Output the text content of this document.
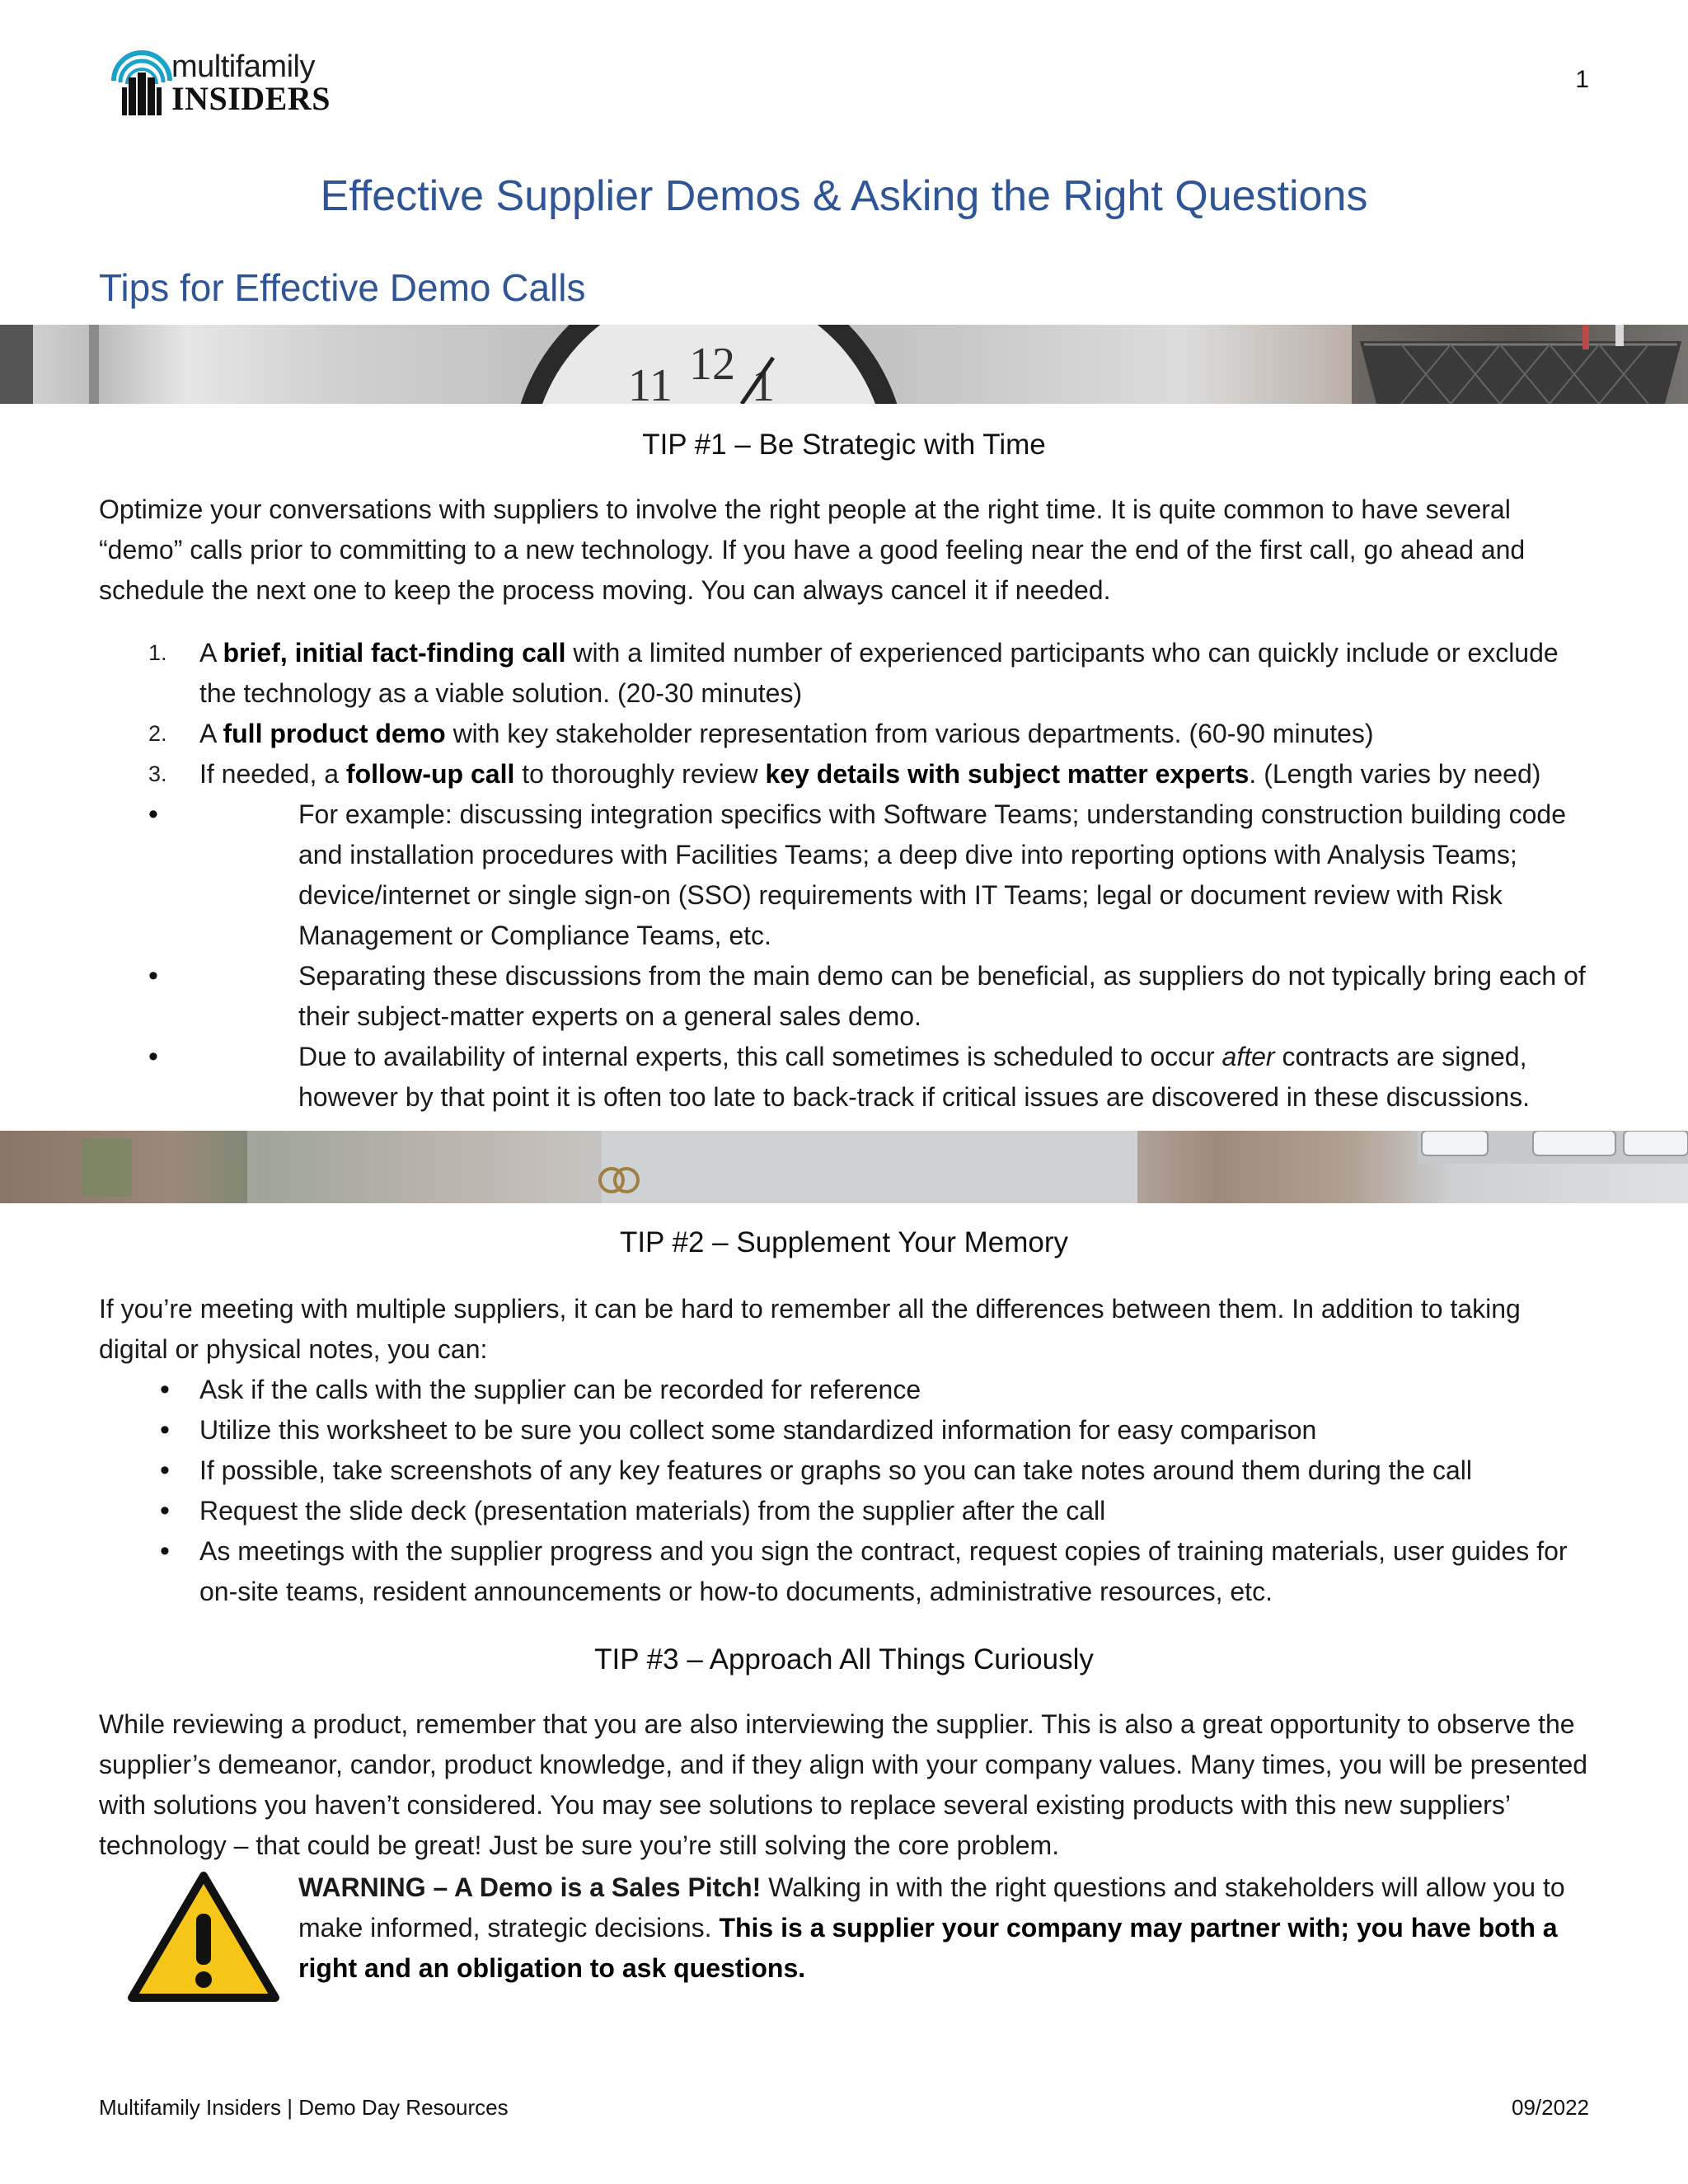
multifamily
INSIDERS
1
Effective Supplier Demos & Asking the Right Questions
Tips for Effective Demo Calls
11 12 1
TIP #1 – Be Strategic with Time

Optimize your conversations with suppliers to involve the right people at the right time. It is quite common to have several “demo” calls prior to committing to a new technology. If you have a good feeling near the end of the first call, go ahead and schedule the next one to keep the process moving. You can always cancel it if needed.

1. A brief, initial fact-finding call with a limited number of experienced participants who can quickly include or exclude the technology as a viable solution. (20-30 minutes)
2. A full product demo with key stakeholder representation from various departments. (60-90 minutes)
3. If needed, a follow-up call to thoroughly review key details with subject matter experts. (Length varies by need)
• For example: discussing integration specifics with Software Teams; understanding construction building code and installation procedures with Facilities Teams; a deep dive into reporting options with Analysis Teams; device/internet or single sign-on (SSO) requirements with IT Teams; legal or document review with Risk Management or Compliance Teams, etc.
• Separating these discussions from the main demo can be beneficial, as suppliers do not typically bring each of their subject-matter experts on a general sales demo.
• Due to availability of internal experts, this call sometimes is scheduled to occur after contracts are signed, however by that point it is often too late to back-track if critical issues are discovered in these discussions.
TIP #2 – Supplement Your Memory

If you’re meeting with multiple suppliers, it can be hard to remember all the differences between them. In addition to taking digital or physical notes, you can:

• Ask if the calls with the supplier can be recorded for reference
• Utilize this worksheet to be sure you collect some standardized information for easy comparison
• If possible, take screenshots of any key features or graphs so you can take notes around them during the call
• Request the slide deck (presentation materials) from the supplier after the call
• As meetings with the supplier progress and you sign the contract, request copies of training materials, user guides for on-site teams, resident announcements or how-to documents, administrative resources, etc.
TIP #3 – Approach All Things Curiously

While reviewing a product, remember that you are also interviewing the supplier. This is also a great opportunity to observe the supplier’s demeanor, candor, product knowledge, and if they align with your company values. Many times, you will be presented with solutions you haven’t considered. You may see solutions to replace several existing products with this new suppliers’ technology – that could be great! Just be sure you’re still solving the core problem.

WARNING – A Demo is a Sales Pitch! Walking in with the right questions and stakeholders will allow you to make informed, strategic decisions. This is a supplier your company may partner with; you have both a right and an obligation to ask questions.

Multifamily Insiders | Demo Day Resources	09/2022
